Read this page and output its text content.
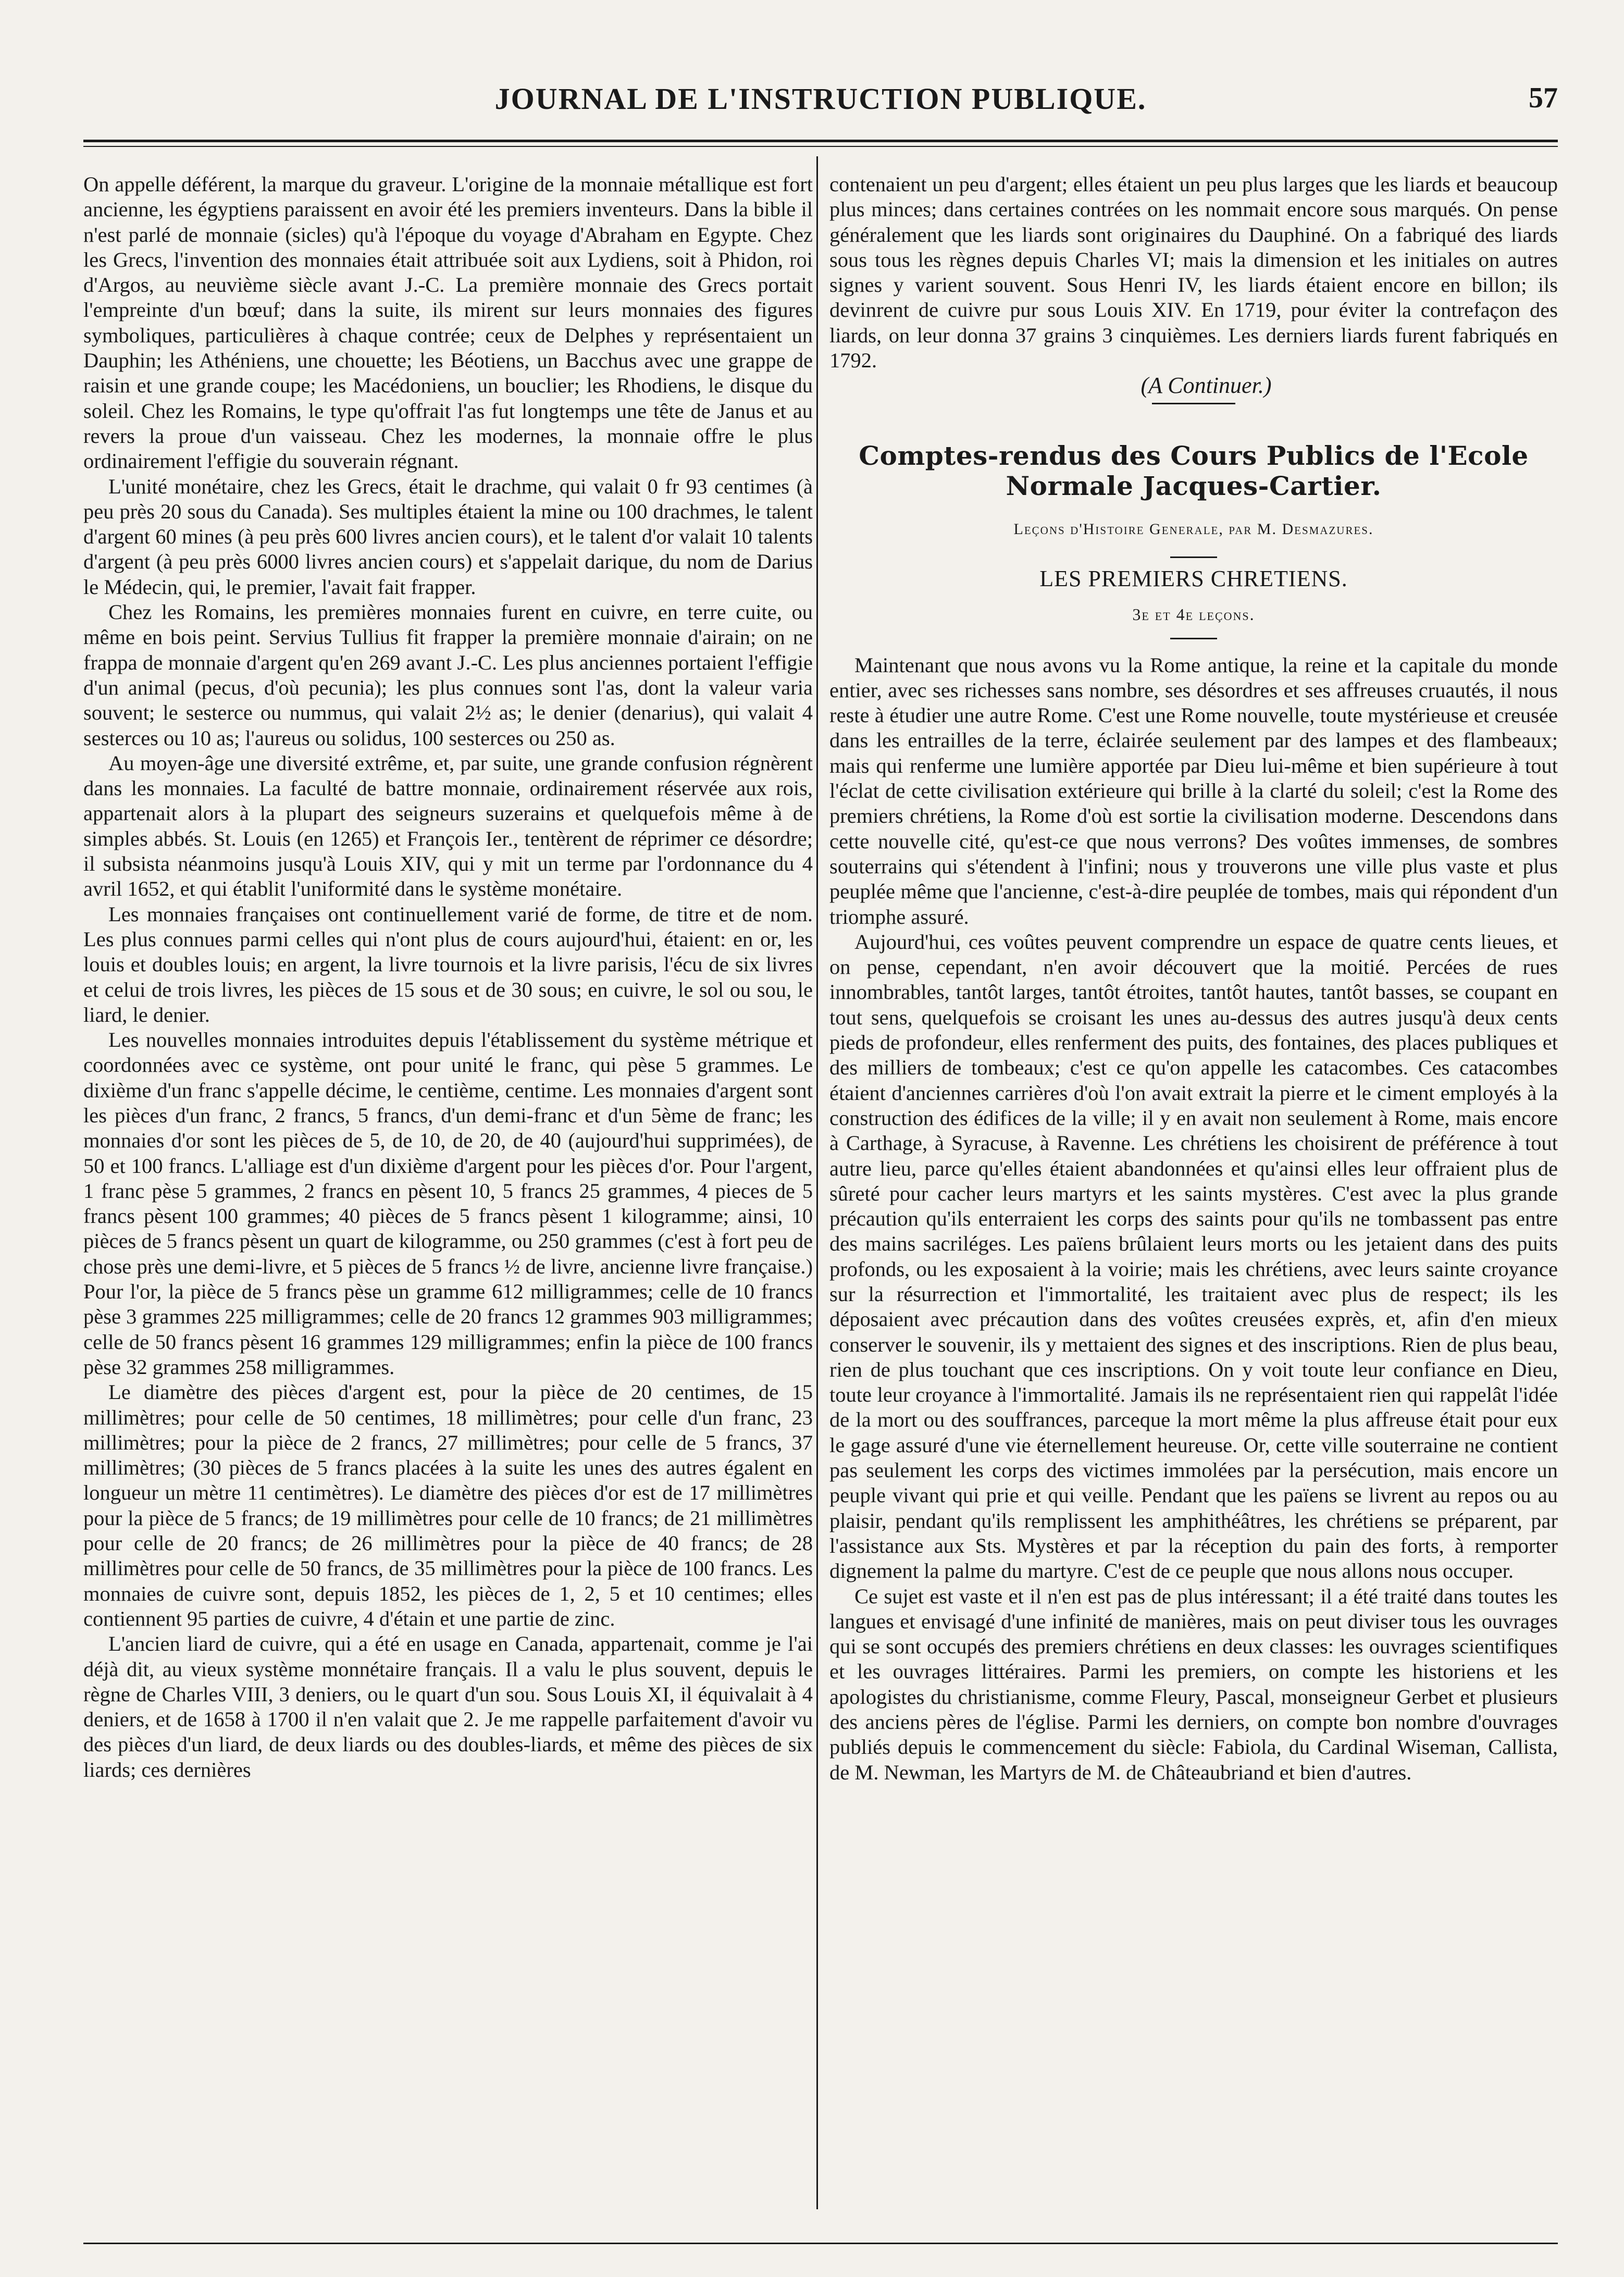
JOURNAL DE L'INSTRUCTION PUBLIQUE.	57

On appelle déférent, la marque du graveur. L'origine de la monnaie métallique est fort ancienne, les égyptiens paraissent en avoir été les premiers inventeurs. Dans la bible il n'est parlé de monnaie (sicles) qu'à l'époque du voyage d'Abraham en Egypte. Chez les Grecs, l'invention des monnaies était attribuée soit aux Lydiens, soit à Phidon, roi d'Argos, au neuvième siècle avant J.-C. La première monnaie des Grecs portait l'empreinte d'un bœuf; dans la suite, ils mirent sur leurs monnaies des figures symboliques, particulières à chaque contrée; ceux de Delphes y représentaient un Dauphin; les Athéniens, une chouette; les Béotiens, un Bacchus avec une grappe de raisin et une grande coupe; les Macédoniens, un bouclier; les Rhodiens, le disque du soleil. Chez les Romains, le type qu'offrait l'as fut longtemps une tête de Janus et au revers la proue d'un vaisseau. Chez les modernes, la monnaie offre le plus ordinairement l'effigie du souverain régnant.

L'unité monétaire, chez les Grecs, était le drachme, qui valait 0 fr 93 centimes (à peu près 20 sous du Canada). Ses multiples étaient la mine ou 100 drachmes, le talent d'argent 60 mines (à peu près 600 livres ancien cours), et le talent d'or valait 10 talents d'argent (à peu près 6000 livres ancien cours) et s'appelait darique, du nom de Darius le Médecin, qui, le premier, l'avait fait frapper.

Chez les Romains, les premières monnaies furent en cuivre, en terre cuite, ou même en bois peint. Servius Tullius fit frapper la première monnaie d'airain; on ne frappa de monnaie d'argent qu'en 269 avant J.-C. Les plus anciennes portaient l'effigie d'un animal (pecus, d'où pecunia); les plus connues sont l'as, dont la valeur varia souvent; le sesterce ou nummus, qui valait 2½ as; le denier (denarius), qui valait 4 sesterces ou 10 as; l'aureus ou solidus, 100 sesterces ou 250 as.

Au moyen-âge une diversité extrême, et, par suite, une grande confusion régnèrent dans les monnaies. La faculté de battre monnaie, ordinairement réservée aux rois, appartenait alors à la plupart des seigneurs suzerains et quelquefois même à de simples abbés. St. Louis (en 1265) et François Ier., tentèrent de réprimer ce désordre; il subsista néanmoins jusqu'à Louis XIV, qui y mit un terme par l'ordonnance du 4 avril 1652, et qui établit l'uniformité dans le système monétaire.

Les monnaies françaises ont continuellement varié de forme, de titre et de nom. Les plus connues parmi celles qui n'ont plus de cours aujourd'hui, étaient: en or, les louis et doubles louis; en argent, la livre tournois et la livre parisis, l'écu de six livres et celui de trois livres, les pièces de 15 sous et de 30 sous; en cuivre, le sol ou sou, le liard, le denier.

Les nouvelles monnaies introduites depuis l'établissement du système métrique et coordonnées avec ce système, ont pour unité le franc, qui pèse 5 grammes. Le dixième d'un franc s'appelle décime, le centième, centime. Les monnaies d'argent sont les pièces d'un franc, 2 francs, 5 francs, d'un demi-franc et d'un 5ème de franc; les monnaies d'or sont les pièces de 5, de 10, de 20, de 40 (aujourd'hui supprimées), de 50 et 100 francs. L'alliage est d'un dixième d'argent pour les pièces d'or. Pour l'argent, 1 franc pèse 5 grammes, 2 francs en pèsent 10, 5 francs 25 grammes, 4 pieces de 5 francs pèsent 100 grammes; 40 pièces de 5 francs pèsent 1 kilogramme; ainsi, 10 pièces de 5 francs pèsent un quart de kilogramme, ou 250 grammes (c'est à fort peu de chose près une demi-livre, et 5 pièces de 5 francs ½ de livre, ancienne livre française.) Pour l'or, la pièce de 5 francs pèse un gramme 612 milligrammes; celle de 10 francs pèse 3 grammes 225 milligrammes; celle de 20 francs 12 grammes 903 milligrammes; celle de 50 francs pèsent 16 grammes 129 milligrammes; enfin la pièce de 100 francs pèse 32 grammes 258 milligrammes.

Le diamètre des pièces d'argent est, pour la pièce de 20 centimes, de 15 millimètres; pour celle de 50 centimes, 18 millimètres; pour celle d'un franc, 23 millimètres; pour la pièce de 2 francs, 27 millimètres; pour celle de 5 francs, 37 millimètres; (30 pièces de 5 francs placées à la suite les unes des autres égalent en longueur un mètre 11 centimètres). Le diamètre des pièces d'or est de 17 millimètres pour la pièce de 5 francs; de 19 millimètres pour celle de 10 francs; de 21 millimètres pour celle de 20 francs; de 26 millimètres pour la pièce de 40 francs; de 28 millimètres pour celle de 50 francs, de 35 millimètres pour la pièce de 100 francs. Les monnaies de cuivre sont, depuis 1852, les pièces de 1, 2, 5 et 10 centimes; elles contiennent 95 parties de cuivre, 4 d'étain et une partie de zinc.

L'ancien liard de cuivre, qui a été en usage en Canada, appartenait, comme je l'ai déjà dit, au vieux système monnétaire français. Il a valu le plus souvent, depuis le règne de Charles VIII, 3 deniers, ou le quart d'un sou. Sous Louis XI, il équivalait à 4 deniers, et de 1658 à 1700 il n'en valait que 2. Je me rappelle parfaitement d'avoir vu des pièces d'un liard, de deux liards ou des doubles-liards, et même des pièces de six liards; ces dernières

contenaient un peu d'argent; elles étaient un peu plus larges que les liards et beaucoup plus minces; dans certaines contrées on les nommait encore sous marqués. On pense généralement que les liards sont originaires du Dauphiné. On a fabriqué des liards sous tous les règnes depuis Charles VI; mais la dimension et les initiales on autres signes y varient souvent. Sous Henri IV, les liards étaient encore en billon; ils devinrent de cuivre pur sous Louis XIV. En 1719, pour éviter la contrefaçon des liards, on leur donna 37 grains 3 cinquièmes. Les derniers liards furent fabriqués en 1792.

(A Continuer.)

Comptes-rendus des Cours Publics de l'Ecole Normale Jacques-Cartier.
Leçons d'Histoire Generale, par M. Desmazures.
LES PREMIERS CHRETIENS.
3e et 4e leçons.

Maintenant que nous avons vu la Rome antique, la reine et la capitale du monde entier, avec ses richesses sans nombre, ses désordres et ses affreuses cruautés, il nous reste à étudier une autre Rome. C'est une Rome nouvelle, toute mystérieuse et creusée dans les entrailles de la terre, éclairée seulement par des lampes et des flambeaux; mais qui renferme une lumière apportée par Dieu lui-même et bien supérieure à tout l'éclat de cette civilisation extérieure qui brille à la clarté du soleil; c'est la Rome des premiers chrétiens, la Rome d'où est sortie la civilisation moderne. Descendons dans cette nouvelle cité, qu'est-ce que nous verrons? Des voûtes immenses, de sombres souterrains qui s'étendent à l'infini; nous y trouverons une ville plus vaste et plus peuplée même que l'ancienne, c'est-à-dire peuplée de tombes, mais qui répondent d'un triomphe assuré.

Aujourd'hui, ces voûtes peuvent comprendre un espace de quatre cents lieues, et on pense, cependant, n'en avoir découvert que la moitié. Percées de rues innombrables, tantôt larges, tantôt étroites, tantôt hautes, tantôt basses, se coupant en tout sens, quelquefois se croisant les unes au-dessus des autres jusqu'à deux cents pieds de profondeur, elles renferment des puits, des fontaines, des places publiques et des milliers de tombeaux; c'est ce qu'on appelle les catacombes. Ces catacombes étaient d'anciennes carrières d'où l'on avait extrait la pierre et le ciment employés à la construction des édifices de la ville; il y en avait non seulement à Rome, mais encore à Carthage, à Syracuse, à Ravenne. Les chrétiens les choisirent de préférence à tout autre lieu, parce qu'elles étaient abandonnées et qu'ainsi elles leur offraient plus de sûreté pour cacher leurs martyrs et les saints mystères. C'est avec la plus grande précaution qu'ils enterraient les corps des saints pour qu'ils ne tombassent pas entre des mains sacriléges. Les païens brûlaient leurs morts ou les jetaient dans des puits profonds, ou les exposaient à la voirie; mais les chrétiens, avec leurs sainte croyance sur la résurrection et l'immortalité, les traitaient avec plus de respect; ils les déposaient avec précaution dans des voûtes creusées exprès, et, afin d'en mieux conserver le souvenir, ils y mettaient des signes et des inscriptions. Rien de plus beau, rien de plus touchant que ces inscriptions. On y voit toute leur confiance en Dieu, toute leur croyance à l'immortalité. Jamais ils ne représentaient rien qui rappelât l'idée de la mort ou des souffrances, parceque la mort même la plus affreuse était pour eux le gage assuré d'une vie éternellement heureuse. Or, cette ville souterraine ne contient pas seulement les corps des victimes immolées par la persécution, mais encore un peuple vivant qui prie et qui veille. Pendant que les païens se livrent au repos ou au plaisir, pendant qu'ils remplissent les amphithéâtres, les chrétiens se préparent, par l'assistance aux Sts. Mystères et par la réception du pain des forts, à remporter dignement la palme du martyre. C'est de ce peuple que nous allons nous occuper.

Ce sujet est vaste et il n'en est pas de plus intéressant; il a été traité dans toutes les langues et envisagé d'une infinité de manières, mais on peut diviser tous les ouvrages qui se sont occupés des premiers chrétiens en deux classes: les ouvrages scientifiques et les ouvrages littéraires. Parmi les premiers, on compte les historiens et les apologistes du christianisme, comme Fleury, Pascal, monseigneur Gerbet et plusieurs des anciens pères de l'église. Parmi les derniers, on compte bon nombre d'ouvrages publiés depuis le commencement du siècle: Fabiola, du Cardinal Wiseman, Callista, de M. Newman, les Martyrs de M. de Châteaubriand et bien d'autres.
